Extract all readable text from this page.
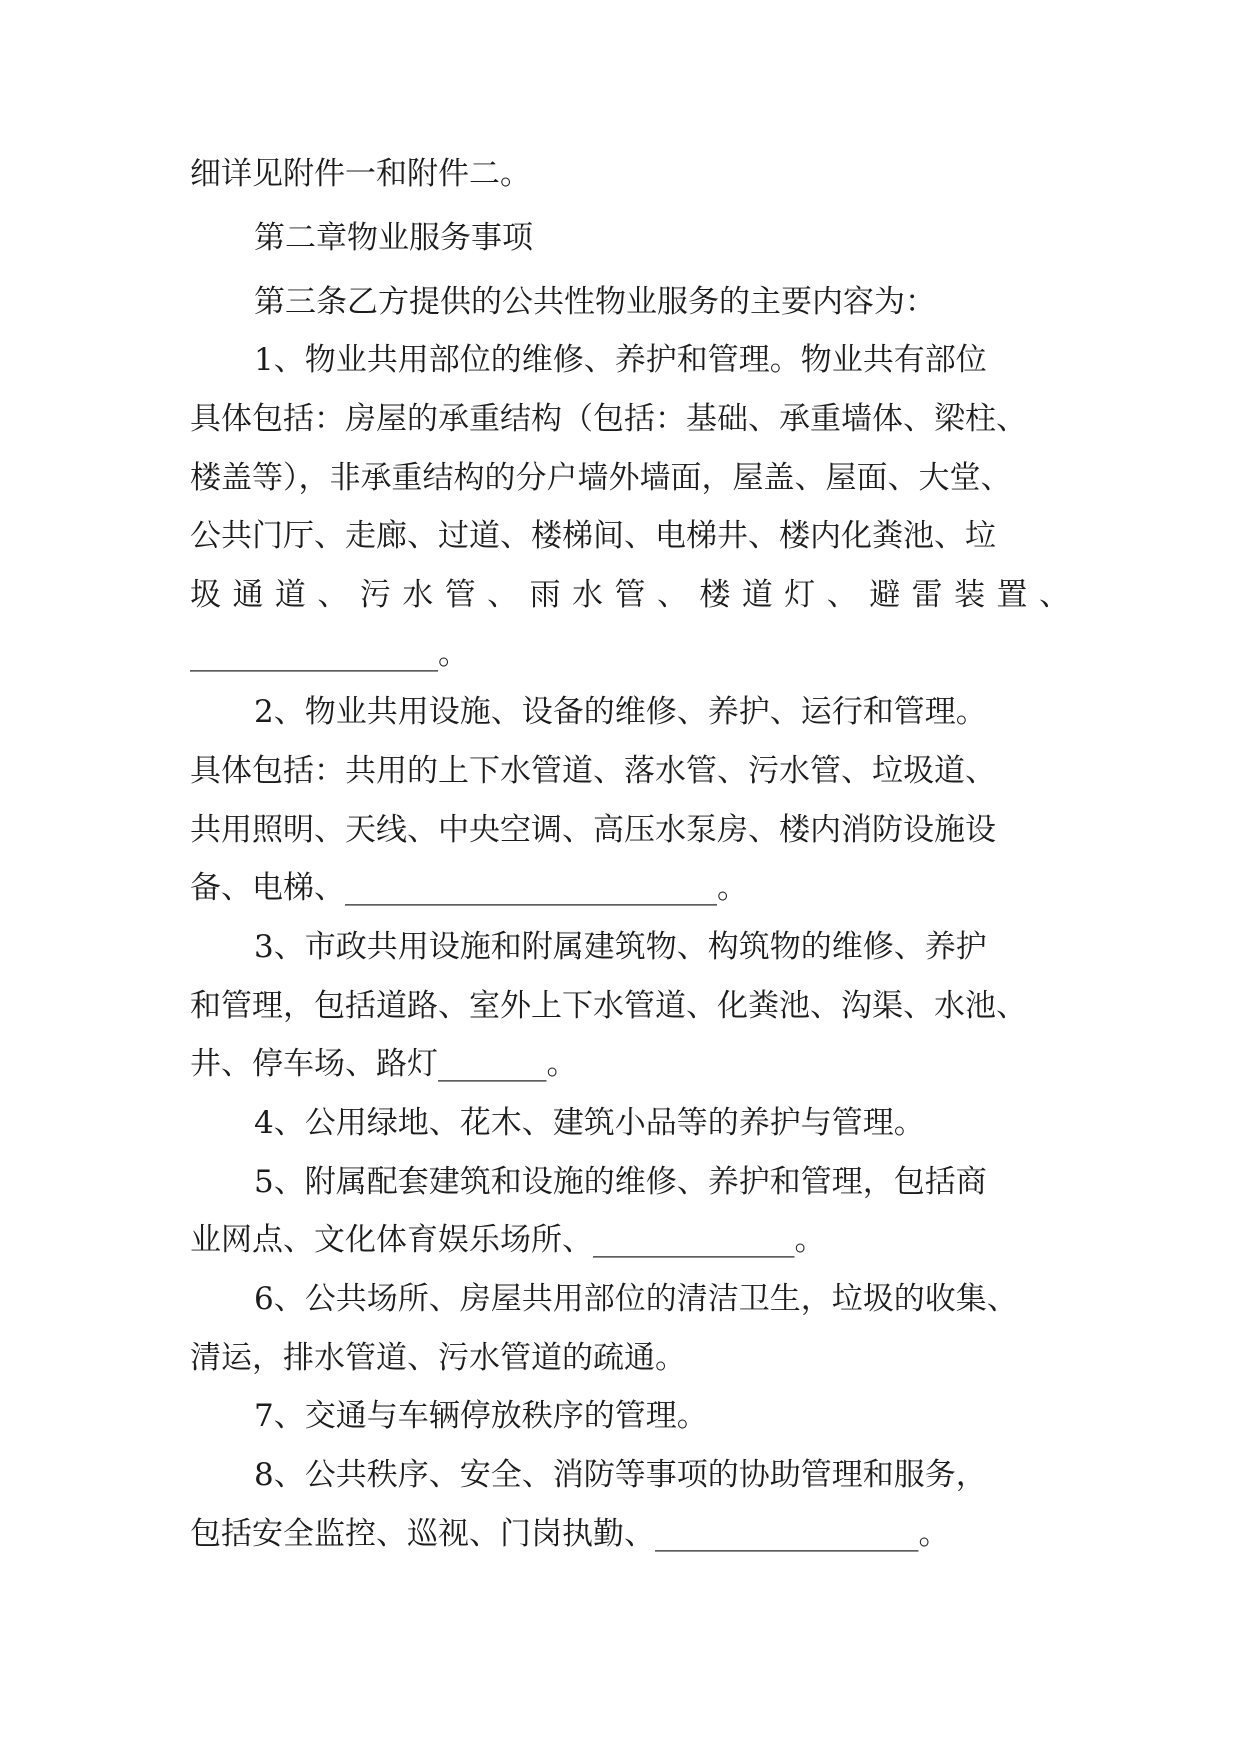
细详见附件一和附件二。
第二章物业服务事项
第三条乙方提供的公共性物业服务的主要内容为：
1、物业共用部位的维修、养护和管理。物业共有部位
具体包括：房屋的承重结构（包括：基础、承重墙体、梁柱、
楼盖等），非承重结构的分户墙外墙面，屋盖、屋面、大堂、
公共门厅、走廊、过道、楼梯间、电梯井、楼内化粪池、垃
圾通道、污水管、雨水管、楼道灯、避雷装置、
________________。
2、物业共用设施、设备的维修、养护、运行和管理。
具体包括：共用的上下水管道、落水管、污水管、垃圾道、
共用照明、天线、中央空调、高压水泵房、楼内消防设施设
备、电梯、________________________。
3、市政共用设施和附属建筑物、构筑物的维修、养护
和管理，包括道路、室外上下水管道、化粪池、沟渠、水池、
井、停车场、路灯_______。
4、公用绿地、花木、建筑小品等的养护与管理。
5、附属配套建筑和设施的维修、养护和管理，包括商
业网点、文化体育娱乐场所、_____________。
6、公共场所、房屋共用部位的清洁卫生，垃圾的收集、
清运，排水管道、污水管道的疏通。
7、交通与车辆停放秩序的管理。
8、公共秩序、安全、消防等事项的协助管理和服务，
包括安全监控、巡视、门岗执勤、_________________。
